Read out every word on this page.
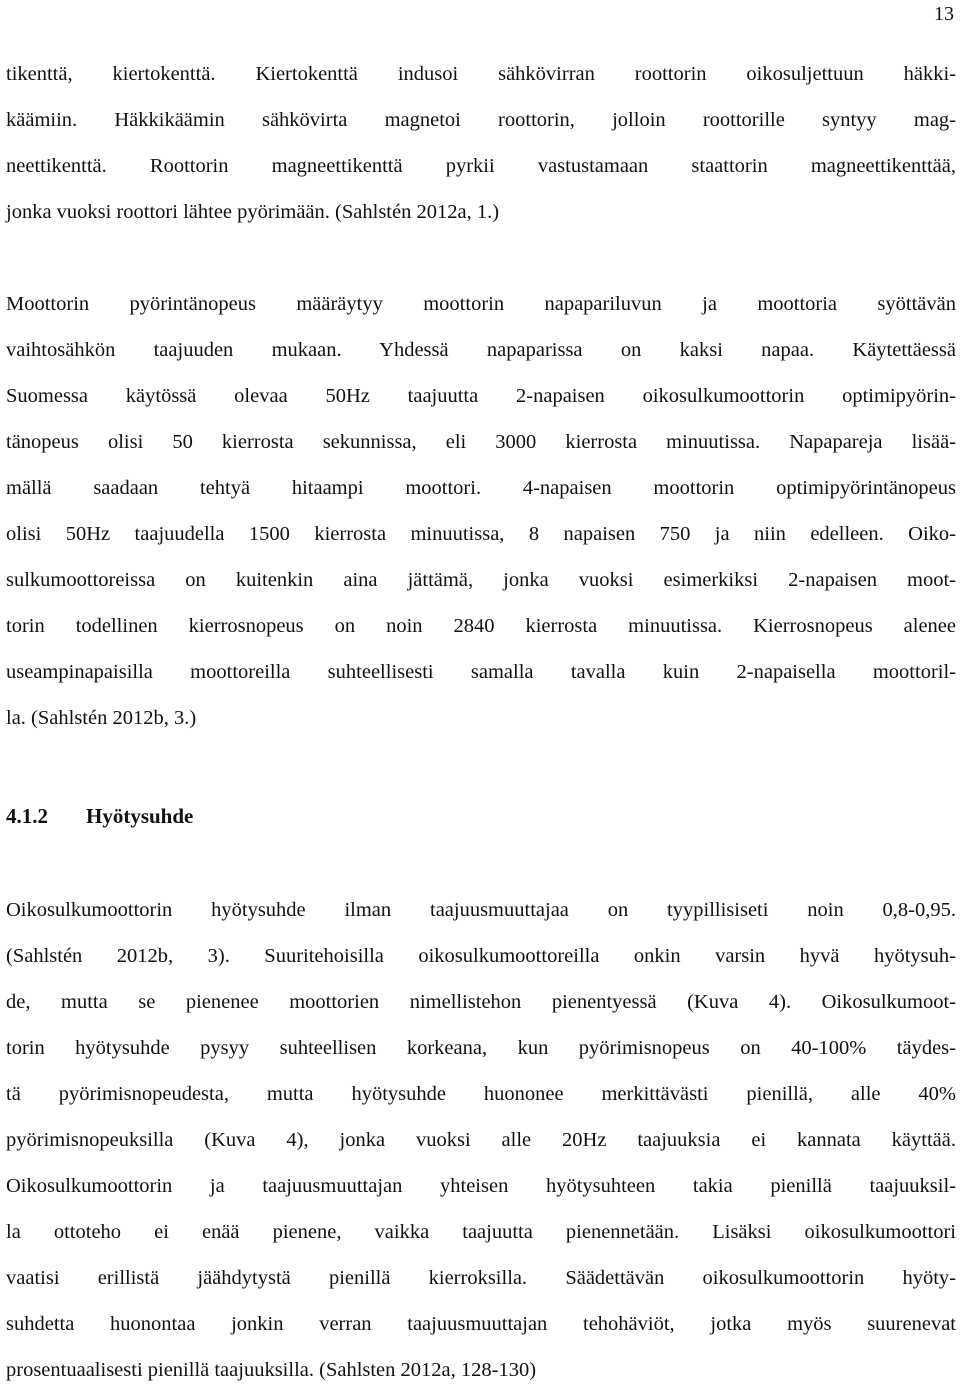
13
tikenttä, kiertokenttä. Kiertokenttä indusoi sähkövirran roottorin oikosuljettuun häkki-
käämiin. Häkkikäämin sähkövirta magnetoi roottorin, jolloin roottorille syntyy mag-
neettikenttä. Roottorin magneettikenttä pyrkii vastustamaan staattorin magneettikenttää,
jonka vuoksi roottori lähtee pyörimään. (Sahlstén 2012a, 1.)
Moottorin pyörintänopeus määräytyy moottorin napapariluvun ja moottoria syöttävän
vaihtosähkön taajuuden mukaan. Yhdessä napaparissa on kaksi napaa. Käytettäessä
Suomessa käytössä olevaa 50Hz taajuutta 2-napaisen oikosulkumoottorin optimipyörin-
tänopeus olisi 50 kierrosta sekunnissa, eli 3000 kierrosta minuutissa. Napapareja lisää-
mällä saadaan tehtyä hitaampi moottori. 4-napaisen moottorin optimipyörintänopeus
olisi 50Hz taajuudella 1500 kierrosta minuutissa, 8 napaisen 750 ja niin edelleen. Oiko-
sulkumoottoreissa on kuitenkin aina jättämä, jonka vuoksi esimerkiksi 2-napaisen moot-
torin todellinen kierrosnopeus on noin 2840 kierrosta minuutissa. Kierrosnopeus alenee
useampinapaisilla moottoreilla suhteellisesti samalla tavalla kuin 2-napaisella moottoril-
la. (Sahlstén 2012b, 3.)
4.1.2 Hyötysuhde
Oikosulkumoottorin hyötysuhde ilman taajuusmuuttajaa on tyypillisiseti noin 0,8-0,95.
(Sahlstén 2012b, 3). Suuritehoisilla oikosulkumoottoreilla onkin varsin hyvä hyötysuh-
de, mutta se pienenee moottorien nimellistehon pienentyessä (Kuva 4). Oikosulkumoot-
torin hyötysuhde pysyy suhteellisen korkeana, kun pyörimisnopeus on 40-100% täydes-
tä pyörimisnopeudesta, mutta hyötysuhde huononee merkittävästi pienillä, alle 40%
pyörimisnopeuksilla (Kuva 4), jonka vuoksi alle 20Hz taajuuksia ei kannata käyttää.
Oikosulkumoottorin ja taajuusmuuttajan yhteisen hyötysuhteen takia pienillä taajuuksil-
la ottoteho ei enää pienene, vaikka taajuutta pienennetään. Lisäksi oikosulkumoottori
vaatisi erillistä jäähdytystä pienillä kierroksilla. Säädettävän oikosulkumoottorin hyöty-
suhdetta huonontaa jonkin verran taajuusmuuttajan tehohäviöt, jotka myös suurenevat
prosentuaalisesti pienillä taajuuksilla. (Sahlsten 2012a, 128-130)
